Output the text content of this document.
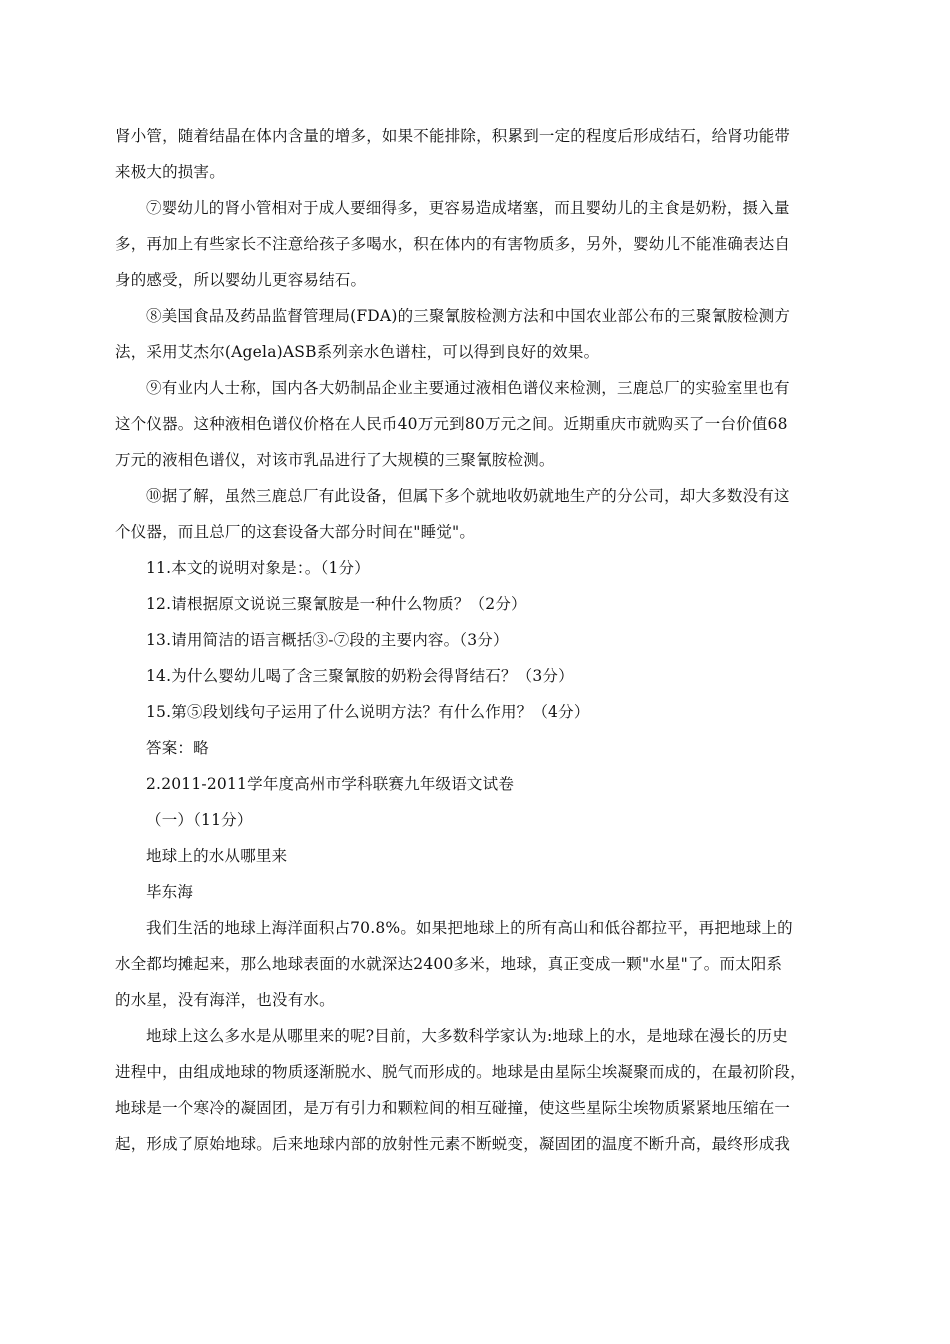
肾小管，随着结晶在体内含量的增多，如果不能排除，积累到一定的程度后形成结石，给肾功能带
来极大的损害。
⑦婴幼儿的肾小管相对于成人要细得多，更容易造成堵塞，而且婴幼儿的主食是奶粉，摄入量
多，再加上有些家长不注意给孩子多喝水，积在体内的有害物质多，另外，婴幼儿不能准确表达自
身的感受，所以婴幼儿更容易结石。
⑧美国食品及药品监督管理局(FDA)的三聚氰胺检测方法和中国农业部公布的三聚氰胺检测方
法，采用艾杰尔(Agela)ASB系列亲水色谱柱，可以得到良好的效果。
⑨有业内人士称，国内各大奶制品企业主要通过液相色谱仪来检测，三鹿总厂的实验室里也有
这个仪器。这种液相色谱仪价格在人民币40万元到80万元之间。近期重庆市就购买了一台价值68
万元的液相色谱仪，对该市乳品进行了大规模的三聚氰胺检测。
⑩据了解，虽然三鹿总厂有此设备，但属下多个就地收奶就地生产的分公司，却大多数没有这
个仪器，而且总厂的这套设备大部分时间在"睡觉"。
11.本文的说明对象是：。（1分）
12.请根据原文说说三聚氰胺是一种什么物质？（2分）
13.请用简洁的语言概括③-⑦段的主要内容。（3分）
14.为什么婴幼儿喝了含三聚氰胺的奶粉会得肾结石？（3分）
15.第⑤段划线句子运用了什么说明方法？有什么作用？（4分）
答案：略
2.2011-2011学年度高州市学科联赛九年级语文试卷
（一）（11分）
地球上的水从哪里来
毕东海
我们生活的地球上海洋面积占70.8%。如果把地球上的所有高山和低谷都拉平，再把地球上的
水全都均摊起来，那么地球表面的水就深达2400多米，地球，真正变成一颗"水星"了。而太阳系
的水星，没有海洋，也没有水。
地球上这么多水是从哪里来的呢?目前，大多数科学家认为:地球上的水，是地球在漫长的历史
进程中，由组成地球的物质逐渐脱水、脱气而形成的。地球是由星际尘埃凝聚而成的，在最初阶段，
地球是一个寒冷的凝固团，是万有引力和颗粒间的相互碰撞，使这些星际尘埃物质紧紧地压缩在一
起，形成了原始地球。后来地球内部的放射性元素不断蜕变，凝固团的温度不断升高，最终形成我
